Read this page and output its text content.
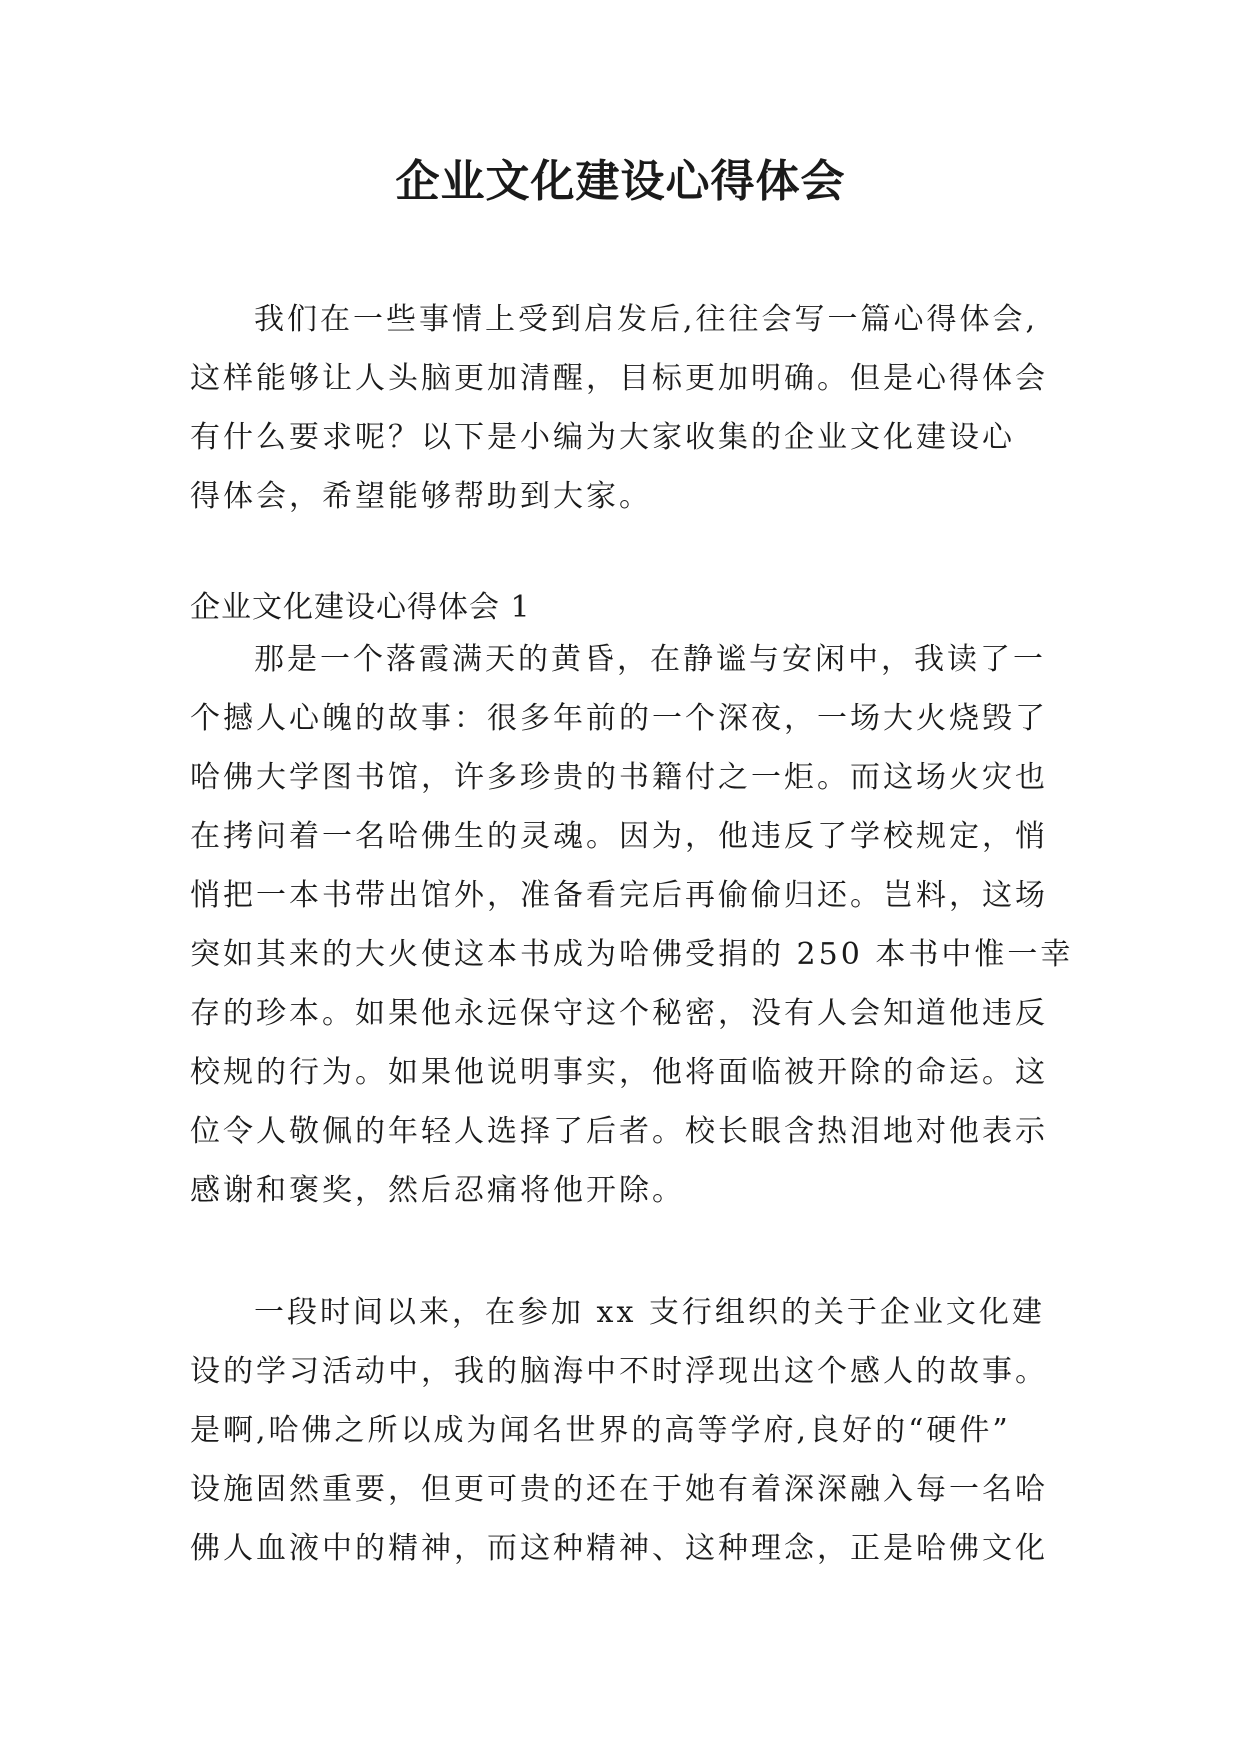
企业文化建设心得体会
我们在一些事情上受到启发后,往往会写一篇心得体会,
这样能够让人头脑更加清醒，目标更加明确。但是心得体会
有什么要求呢？以下是小编为大家收集的企业文化建设心
得体会，希望能够帮助到大家。

企业文化建设心得体会 1

那是一个落霞满天的黄昏，在静谧与安闲中，我读了一
个撼人心魄的故事：很多年前的一个深夜，一场大火烧毁了
哈佛大学图书馆，许多珍贵的书籍付之一炬。而这场火灾也
在拷问着一名哈佛生的灵魂。因为，他违反了学校规定，悄
悄把一本书带出馆外，准备看完后再偷偷归还。岂料，这场
突如其来的大火使这本书成为哈佛受捐的 250 本书中惟一幸
存的珍本。如果他永远保守这个秘密，没有人会知道他违反
校规的行为。如果他说明事实，他将面临被开除的命运。这
位令人敬佩的年轻人选择了后者。校长眼含热泪地对他表示
感谢和褒奖，然后忍痛将他开除。
一段时间以来，在参加 xx 支行组织的关于企业文化建
设的学习活动中，我的脑海中不时浮现出这个感人的故事。
是啊,哈佛之所以成为闻名世界的高等学府,良好的“硬件”
设施固然重要，但更可贵的还在于她有着深深融入每一名哈
佛人血液中的精神，而这种精神、这种理念，正是哈佛文化
